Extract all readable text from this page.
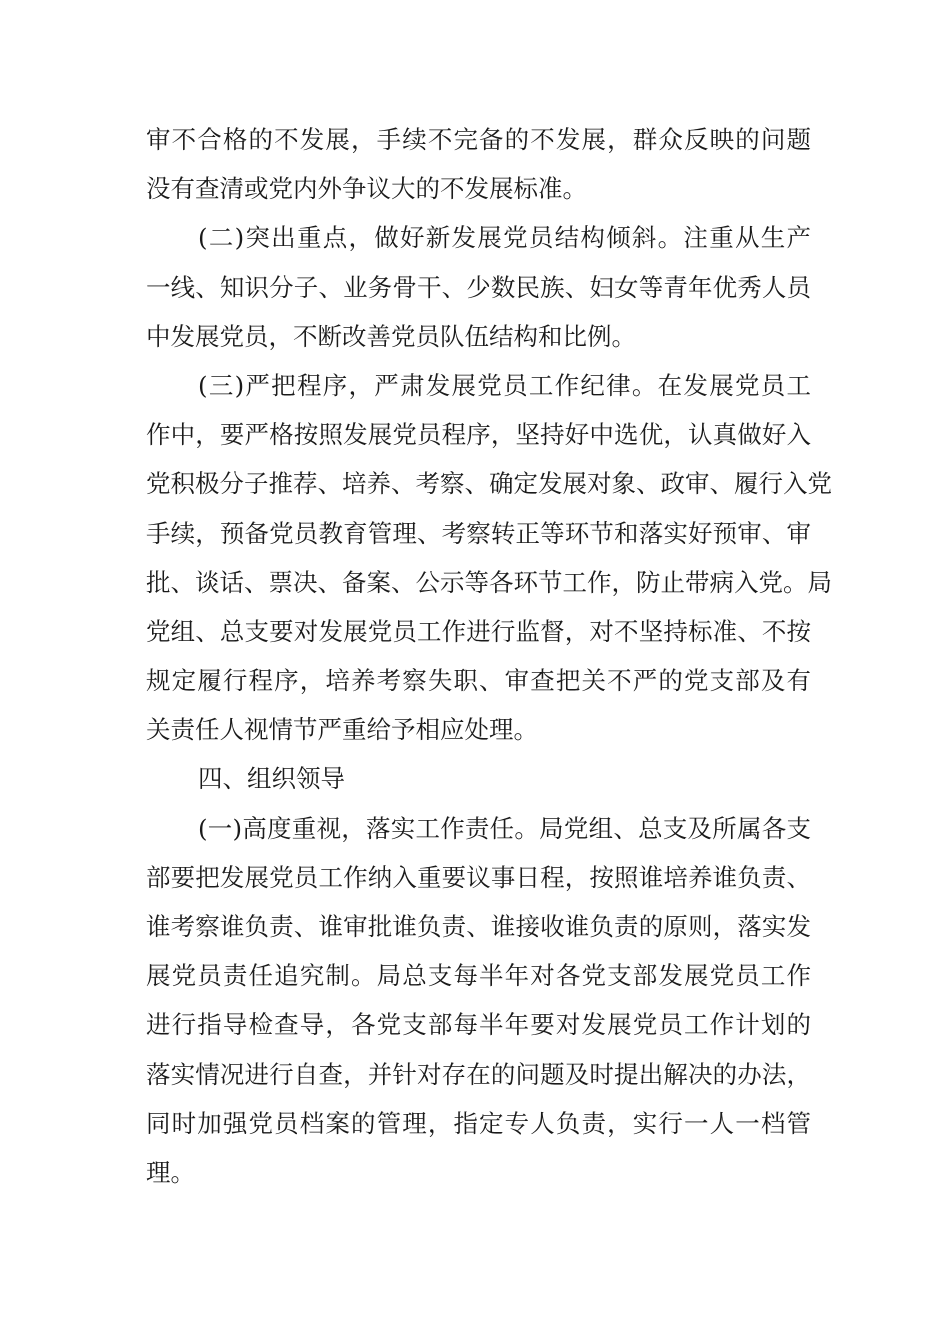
审不合格的不发展，手续不完备的不发展，群众反映的问题
没有查清或党内外争议大的不发展标准。
(二)突出重点，做好新发展党员结构倾斜。注重从生产
一线、知识分子、业务骨干、少数民族、妇女等青年优秀人员
中发展党员，不断改善党员队伍结构和比例。
(三)严把程序，严肃发展党员工作纪律。在发展党员工
作中，要严格按照发展党员程序，坚持好中选优，认真做好入
党积极分子推荐、培养、考察、确定发展对象、政审、履行入党
手续，预备党员教育管理、考察转正等环节和落实好预审、审
批、谈话、票决、备案、公示等各环节工作，防止带病入党。局
党组、总支要对发展党员工作进行监督，对不坚持标准、不按
规定履行程序，培养考察失职、审查把关不严的党支部及有
关责任人视情节严重给予相应处理。
四、组织领导
(一)高度重视，落实工作责任。局党组、总支及所属各支
部要把发展党员工作纳入重要议事日程，按照谁培养谁负责、
谁考察谁负责、谁审批谁负责、谁接收谁负责的原则，落实发
展党员责任追究制。局总支每半年对各党支部发展党员工作
进行指导检查导，各党支部每半年要对发展党员工作计划的
落实情况进行自查，并针对存在的问题及时提出解决的办法，
同时加强党员档案的管理，指定专人负责，实行一人一档管
理。
